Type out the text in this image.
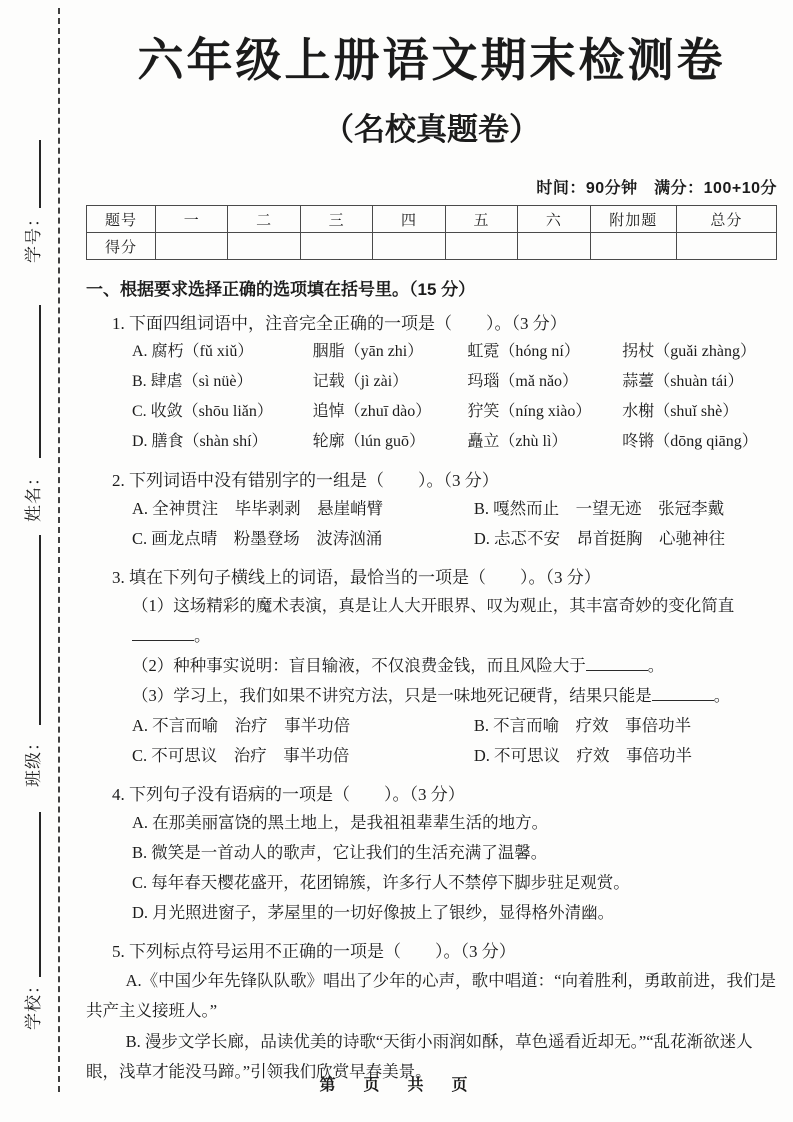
学号：
姓名：
班级：
学校：
六年级上册语文期末检测卷
（名校真题卷）
时间：90分钟　满分：100+10分
题号	一	二	三	四	五	六	附加题	总分
得分								
一、根据要求选择正确的选项填在括号里。（15 分）
1. 下面四组词语中，注音完全正确的一项是（　　）。（3 分）
A. 腐朽（fǔ xiǔ）	胭脂（yān zhi）	虹霓（hóng ní）	拐杖（guǎi zhàng）
B. 肆虐（sì nüè）	记载（jì zài）	玛瑙（mǎ nǎo）	蒜薹（shuàn tái）
C. 收敛（shōu liǎn）	追悼（zhuī dào）	狞笑（níng xiào）	水榭（shuǐ shè）
D. 膳食（shàn shí）	轮廓（lún guō）	矗立（zhù lì）	咚锵（dōng qiāng）
2. 下列词语中没有错别字的一组是（　　）。（3 分）
A. 全神贯注　毕毕剥剥　悬崖峭臂	B. 嘎然而止　一望无迹　张冠李戴
C. 画龙点晴　粉墨登场　波涛汹涌	D. 忐忑不安　昂首挺胸　心驰神往
3. 填在下列句子横线上的词语，最恰当的一项是（　　）。（3 分）
（1）这场精彩的魔术表演，真是让人大开眼界、叹为观止，其丰富奇妙的变化简直。
（2）种种事实说明：盲目输液，不仅浪费金钱，而且风险大于	。
（3）学习上，我们如果不讲究方法，只是一味地死记硬背，结果只能是	。
A. 不言而喻　治疗　事半功倍	B. 不言而喻　疗效　事倍功半
C. 不可思议　治疗　事半功倍	D. 不可思议　疗效　事倍功半
4. 下列句子没有语病的一项是（　　）。（3 分）
A. 在那美丽富饶的黑土地上，是我祖祖辈辈生活的地方。
B. 微笑是一首动人的歌声，它让我们的生活充满了温馨。
C. 每年春天樱花盛开，花团锦簇，许多行人不禁停下脚步驻足观赏。
D. 月光照进窗子，茅屋里的一切好像披上了银纱，显得格外清幽。
5. 下列标点符号运用不正确的一项是（　　）。（3 分）

A.《中国少年先锋队队歌》唱出了少年的心声，歌中唱道：“向着胜利，勇敢前进，我们是共产主义接班人。”

B. 漫步文学长廊，品读优美的诗歌“天街小雨润如酥，草色遥看近却无。”“乱花渐欲迷人眼，浅草才能没马蹄。”引领我们欣赏早春美景。

第　页　共　页
